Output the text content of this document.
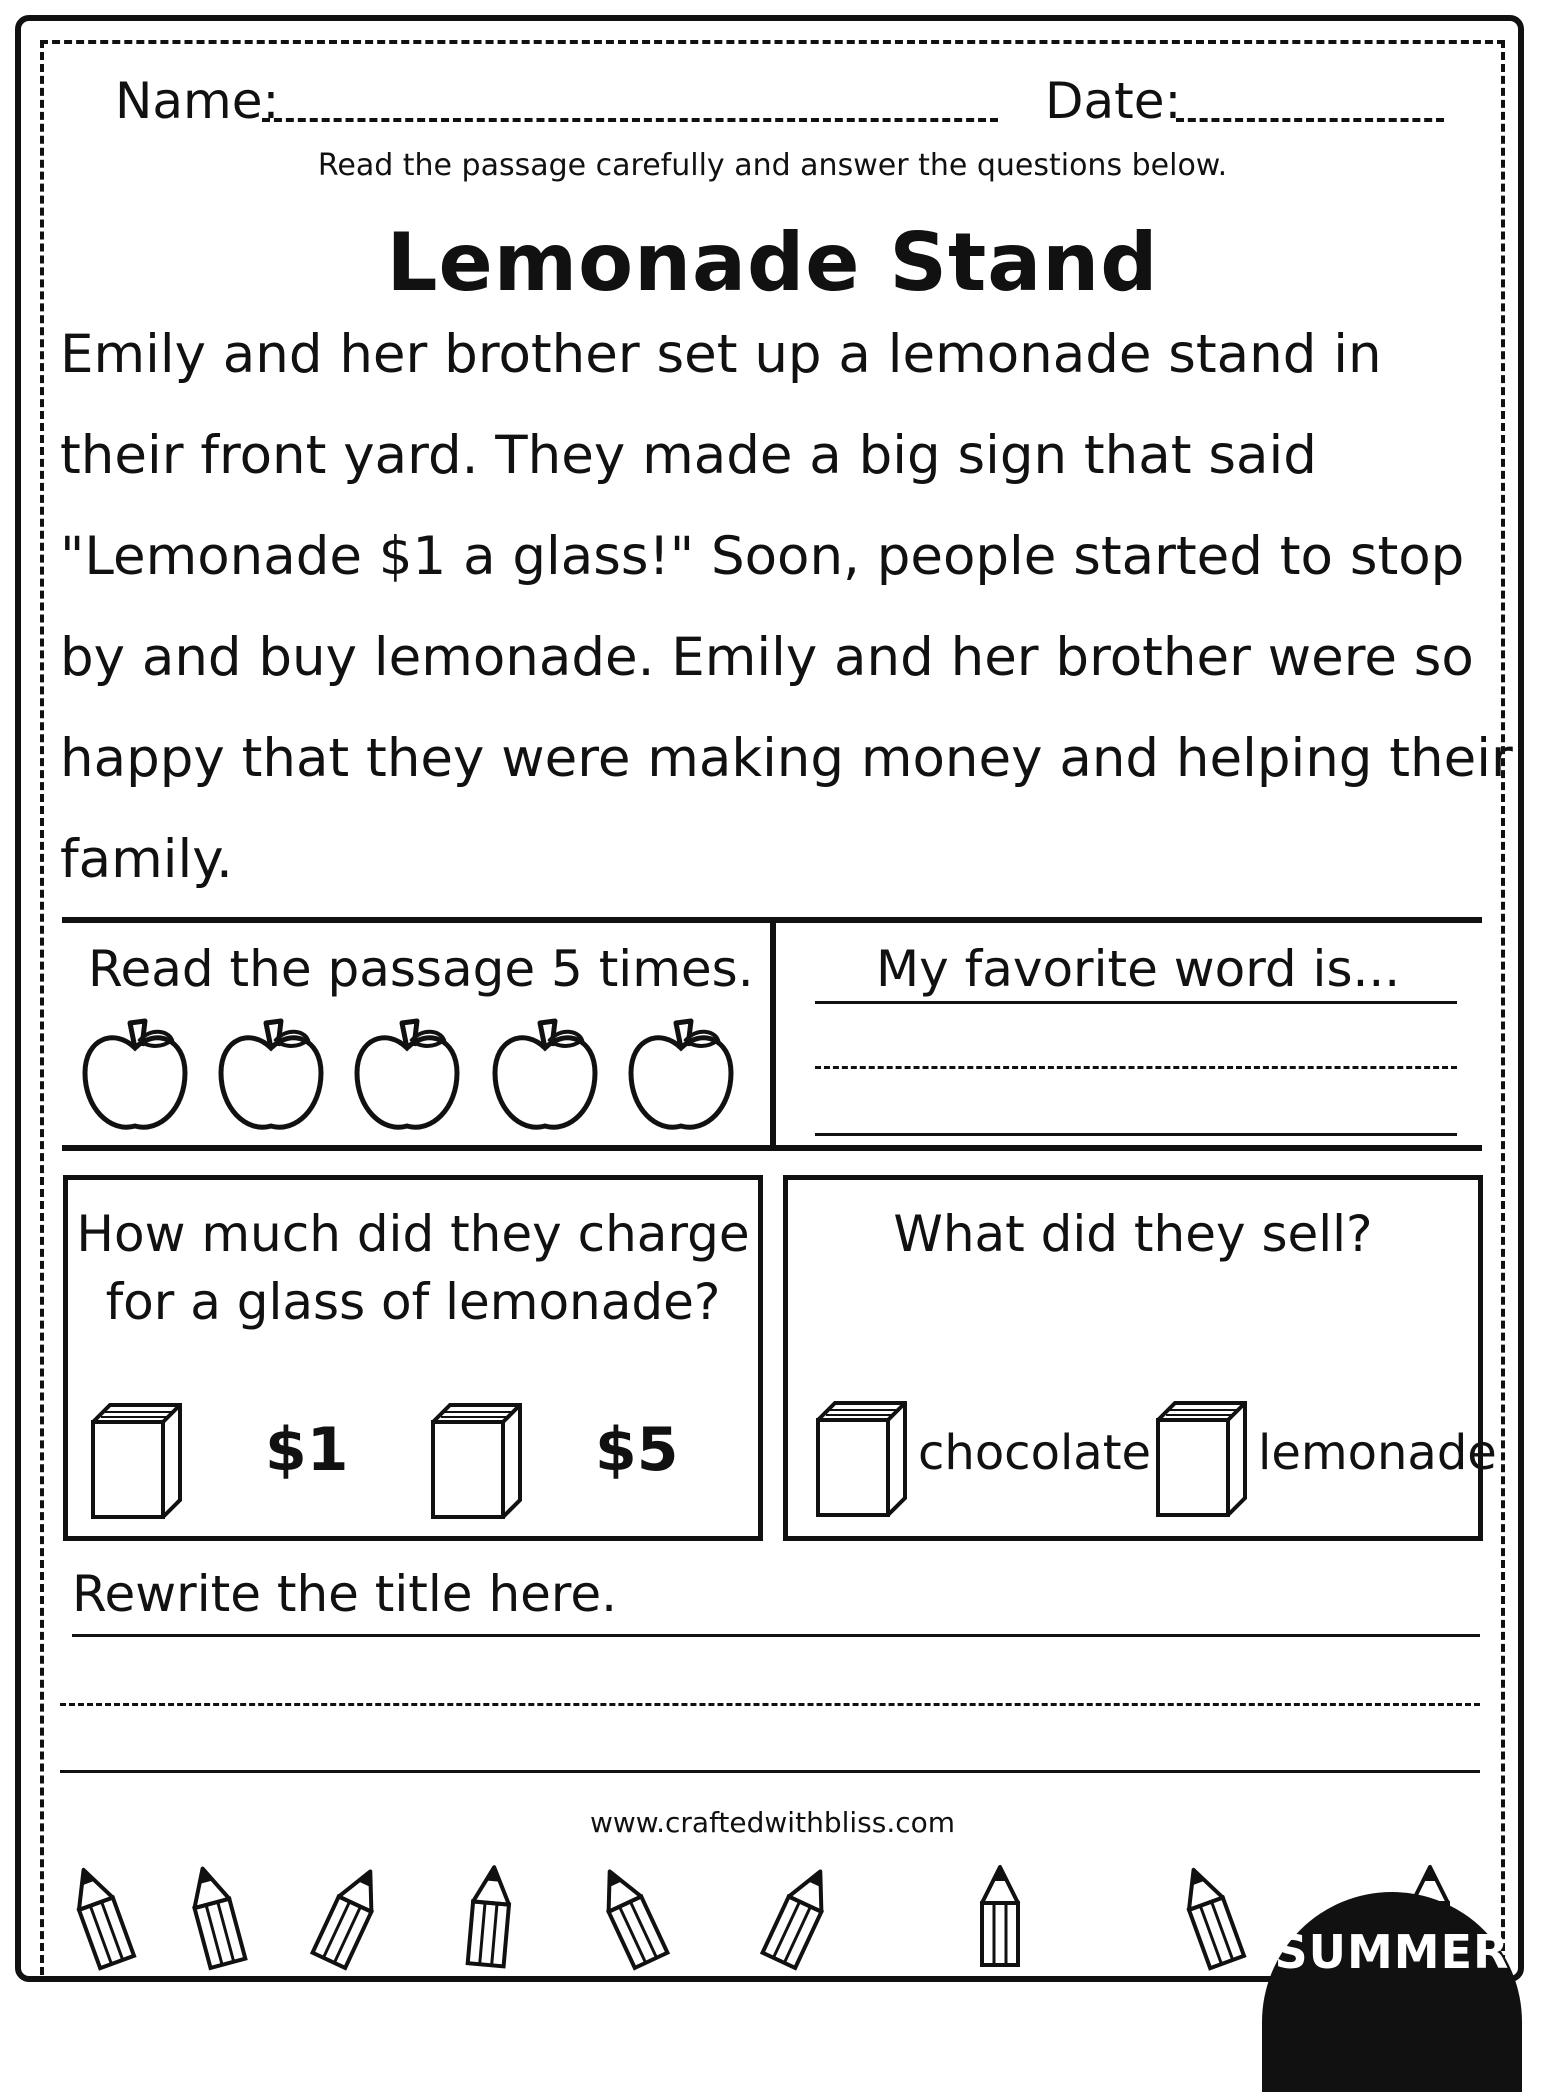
Name:	Date:
Read the passage carefully and answer the questions below.
Lemonade Stand

Emily and her brother set up a lemonade stand in

their front yard. They made a big sign that said

"Lemonade $1 a glass!" Soon, people started to stop

by and buy lemonade. Emily and her brother were so

happy that they were making money and helping their

family.

Read the passage 5 times. My favorite word is...
How much did they charge
for a glass of lemonade?
$1	$5
What did they sell?
chocolate lemonade
Rewrite the title here.
www.craftedwithbliss.com
SUMMER
